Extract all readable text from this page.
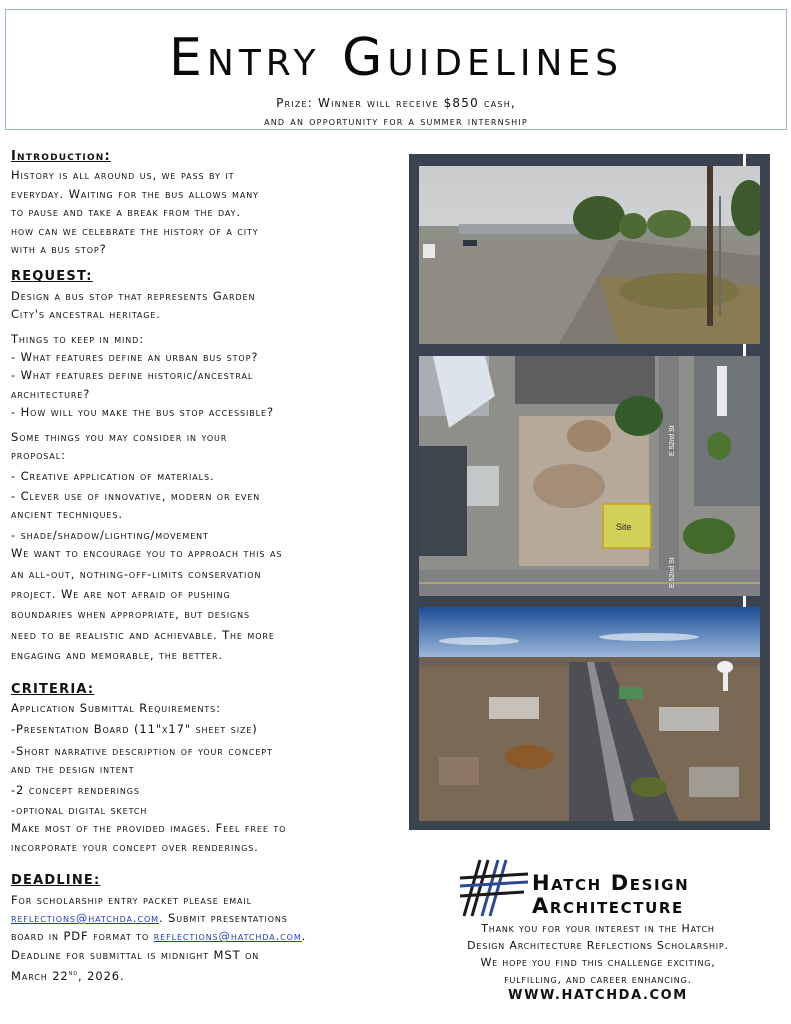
Entry Guidelines
Prize: Winner will receive $850 cash,
and an opportunity for a summer internship
Introduction:
History is all around us, we pass by it
everyday. Waiting for the bus allows many
to pause and take a break from the day.
how can we celebrate the history of a city
with a bus stop?
REQUEST:
Design a bus stop that represents Garden
City's ancestral heritage.
Things to keep in mind:
- What features define an urban bus stop?
- What features define historic/ancestral
architecture?
- How will you make the bus stop accessible?
Some things you may consider in your
proposal:
- Creative application of materials.
- Clever use of innovative, modern or even
ancient techniques.
- shade/shadow/lighting/movement
We want to encourage you to approach this as
an all-out, nothing-off-limits conservation
project. We are not afraid of pushing
boundaries when appropriate, but designs
need to be realistic and achievable. The more
engaging and memorable, the better.
CRITERIA:
Application Submittal Requirements:
-Presentation Board (11"x17" sheet size)
-Short narrative description of your concept
and the design intent
-2 concept renderings
-optional digital sketch
Make most of the provided images. Feel free to
incorporate your concept over renderings.
DEADLINE:
For scholarship entry packet please email
reflections@hatchda.com. Submit presentations
board in PDF format to reflections@hatchda.com.
Deadline for submittal is midnight MST on
March 22nd, 2026.
Site
E 52nd St
E 52nd St
Hatch Design
Architecture
Thank you for your interest in the Hatch
Design Architecture Reflections Scholarship.
We hope you find this challenge exciting,
fulfilling, and career enhancing.
WWW.HATCHDA.COM
